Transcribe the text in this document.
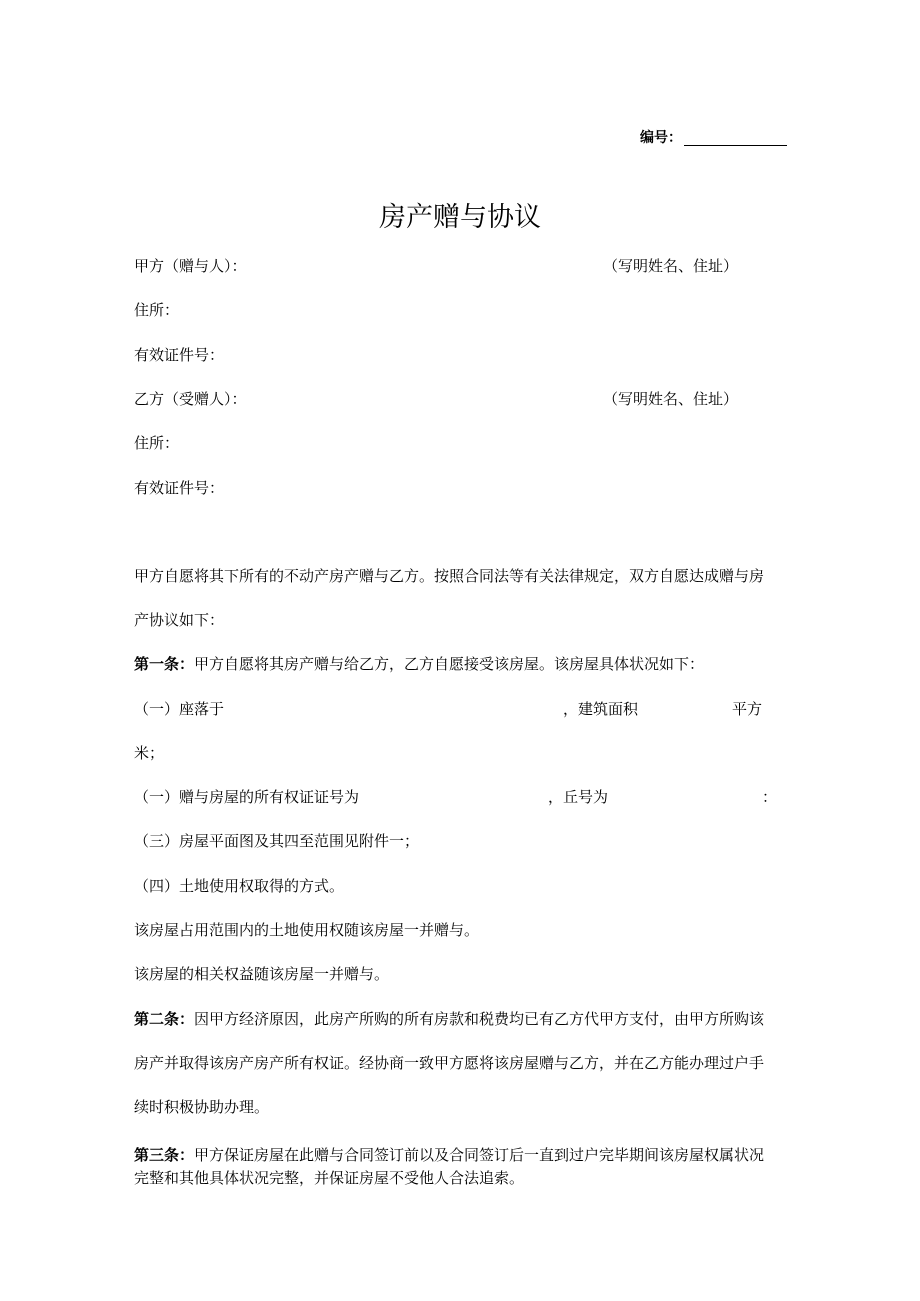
编号：
房产赠与协议
甲方（赠与人）：	（写明姓名、住址）
住所：
有效证件号：
乙方（受赠人）：	（写明姓名、住址）
住所：
有效证件号：
甲方自愿将其下所有的不动产房产赠与乙方。按照合同法等有关法律规定，双方自愿达成赠与房
产协议如下：
第一条：甲方自愿将其房产赠与给乙方，乙方自愿接受该房屋。该房屋具体状况如下：
（一）座落于	，建筑面积	平方
米；
（一）赠与房屋的所有权证证号为	，丘号为	：
（三）房屋平面图及其四至范围见附件一；
（四）土地使用权取得的方式。
该房屋占用范围内的土地使用权随该房屋一并赠与。
该房屋的相关权益随该房屋一并赠与。
第二条：因甲方经济原因，此房产所购的所有房款和税费均已有乙方代甲方支付，由甲方所购该
房产并取得该房产房产所有权证。经协商一致甲方愿将该房屋赠与乙方，并在乙方能办理过户手
续时积极协助办理。
第三条：甲方保证房屋在此赠与合同签订前以及合同签订后一直到过户完毕期间该房屋权属状况
完整和其他具体状况完整，并保证房屋不受他人合法追索。
